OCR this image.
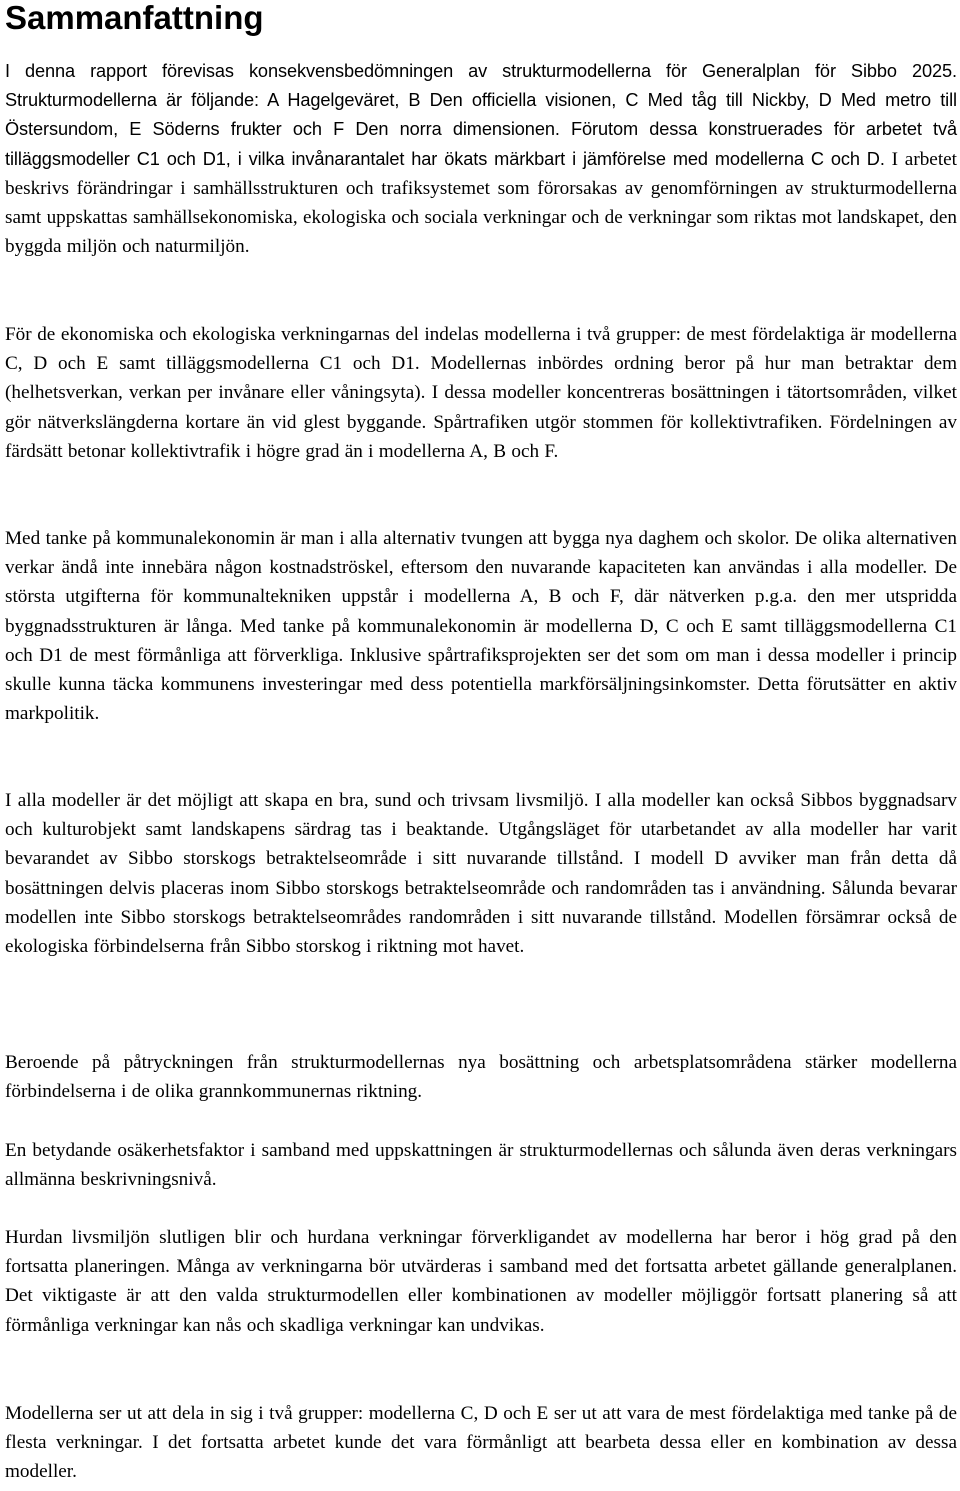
Sammanfattning

I denna rapport förevisas konsekvensbedömningen av strukturmodellerna för Generalplan för Sibbo 2025. Strukturmodellerna är följande: A Hagelgeväret, B Den officiella visionen, C Med tåg till Nickby, D Med metro till Östersundom, E Söderns frukter och F Den norra dimensionen. Förutom dessa konstruerades för arbetet två tilläggsmodeller C1 och D1, i vilka invånarantalet har ökats märkbart i jämförelse med modellerna C och D. I arbetet beskrivs förändringar i samhällsstrukturen och trafiksystemet som förorsakas av genomförningen av strukturmodellerna samt uppskattas samhällsekonomiska, ekologiska och sociala verkningar och de verkningar som riktas mot landskapet, den byggda miljön och naturmiljön.

För de ekonomiska och ekologiska verkningarnas del indelas modellerna i två grupper: de mest fördelaktiga är modellerna C, D och E samt tilläggsmodellerna C1 och D1. Modellernas inbördes ordning beror på hur man betraktar dem (helhetsverkan, verkan per invånare eller våningsyta). I dessa modeller koncentreras bosättningen i tätortsområden, vilket gör nätverkslängderna kortare än vid glest byggande. Spårtrafiken utgör stommen för kollektivtrafiken. Fördelningen av färdsätt betonar kollektivtrafik i högre grad än i modellerna A, B och F.

Med tanke på kommunalekonomin är man i alla alternativ tvungen att bygga nya daghem och skolor. De olika alternativen verkar ändå inte innebära någon kostnadströskel, eftersom den nuvarande kapaciteten kan användas i alla modeller. De största utgifterna för kommunaltekniken uppstår i modellerna A, B och F, där nätverken p.g.a. den mer utspridda byggnadsstrukturen är långa. Med tanke på kommunalekonomin är modellerna D, C och E samt tilläggsmodellerna C1 och D1 de mest förmånliga att förverkliga. Inklusive spårtrafiksprojekten ser det som om man i dessa modeller i princip skulle kunna täcka kommunens investeringar med dess potentiella markförsäljningsinkomster. Detta förutsätter en aktiv markpolitik.

I alla modeller är det möjligt att skapa en bra, sund och trivsam livsmiljö. I alla modeller kan också Sibbos byggnadsarv och kulturobjekt samt landskapens särdrag tas i beaktande. Utgångsläget för utarbetandet av alla modeller har varit bevarandet av Sibbo storskogs betraktelseområde i sitt nuvarande tillstånd. I modell D avviker man från detta då bosättningen delvis placeras inom Sibbo storskogs betraktelseområde och randområden tas i användning. Sålunda bevarar modellen inte Sibbo storskogs betraktelseområdes randområden i sitt nuvarande tillstånd. Modellen försämrar också de ekologiska förbindelserna från Sibbo storskog i riktning mot havet.

Beroende på påtryckningen från strukturmodellernas nya bosättning och arbetsplatsområdena stärker modellerna förbindelserna i de olika grannkommunernas riktning.

En betydande osäkerhetsfaktor i samband med uppskattningen är strukturmodellernas och sålunda även deras verkningars allmänna beskrivningsnivå.

Hurdan livsmiljön slutligen blir och hurdana verkningar förverkligandet av modellerna har beror i hög grad på den fortsatta planeringen. Många av verkningarna bör utvärderas i samband med det fortsatta arbetet gällande generalplanen. Det viktigaste är att den valda strukturmodellen eller kombinationen av modeller möjliggör fortsatt planering så att förmånliga verkningar kan nås och skadliga verkningar kan undvikas.

Modellerna ser ut att dela in sig i två grupper: modellerna C, D och E ser ut att vara de mest fördelaktiga med tanke på de flesta verkningar. I det fortsatta arbetet kunde det vara förmånligt att bearbeta dessa eller en kombination av dessa modeller.
